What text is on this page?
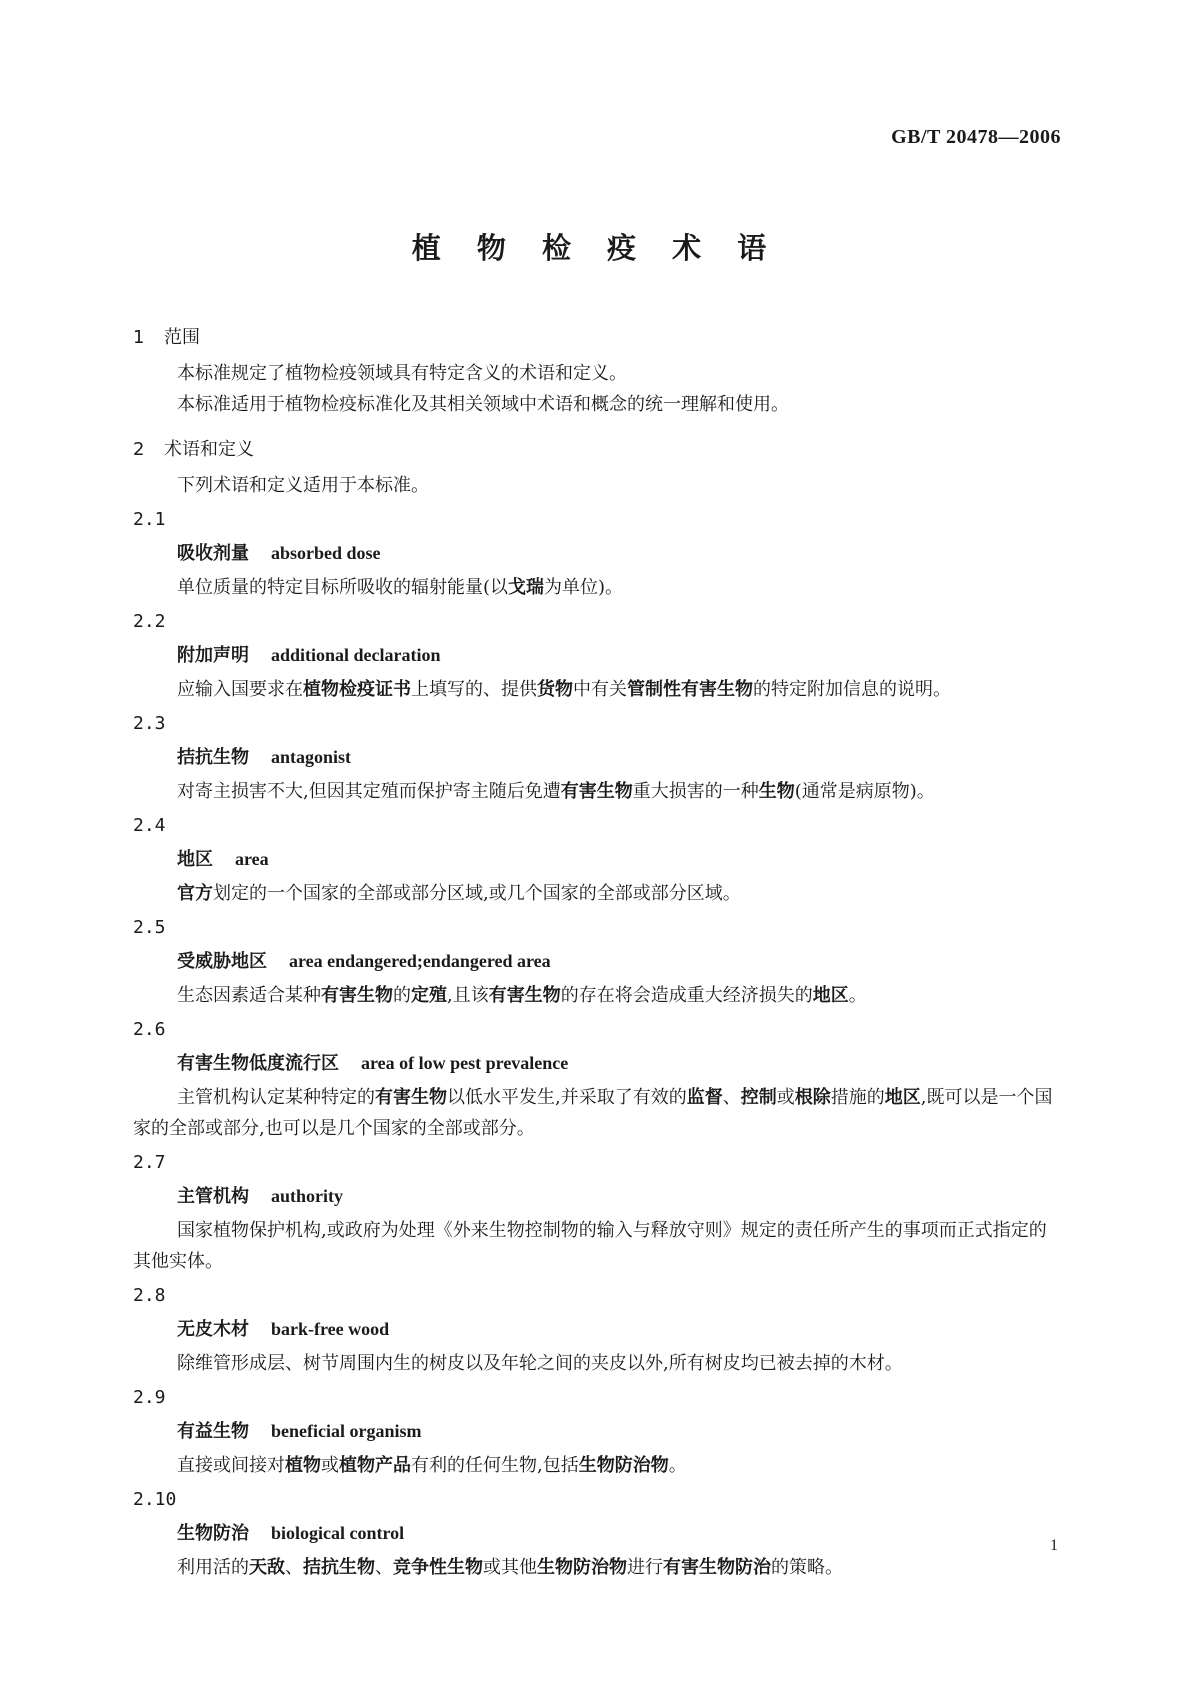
GB/T 20478—2006
植 物 检 疫 术 语
1 范围

本标准规定了植物检疫领域具有特定含义的术语和定义。

本标准适用于植物检疫标准化及其相关领域中术语和概念的统一理解和使用。

2 术语和定义

下列术语和定义适用于本标准。

2.1
吸收剂量 absorbed dose
单位质量的特定目标所吸收的辐射能量(以戈瑞为单位)。
2.2
附加声明 additional declaration
应输入国要求在植物检疫证书上填写的、提供货物中有关管制性有害生物的特定附加信息的说明。
2.3
拮抗生物 antagonist
对寄主损害不大,但因其定殖而保护寄主随后免遭有害生物重大损害的一种生物(通常是病原物)。
2.4
地区 area
官方划定的一个国家的全部或部分区域,或几个国家的全部或部分区域。
2.5
受威胁地区 area endangered;endangered area
生态因素适合某种有害生物的定殖,且该有害生物的存在将会造成重大经济损失的地区。
2.6
有害生物低度流行区 area of low pest prevalence
主管机构认定某种特定的有害生物以低水平发生,并采取了有效的监督、控制或根除措施的地区,既可以是一个国家的全部或部分,也可以是几个国家的全部或部分。
2.7
主管机构 authority
国家植物保护机构,或政府为处理《外来生物控制物的输入与释放守则》规定的责任所产生的事项而正式指定的其他实体。
2.8
无皮木材 bark-free wood
除维管形成层、树节周围内生的树皮以及年轮之间的夹皮以外,所有树皮均已被去掉的木材。
2.9
有益生物 beneficial organism
直接或间接对植物或植物产品有利的任何生物,包括生物防治物。
2.10
生物防治 biological control
利用活的天敌、拮抗生物、竞争性生物或其他生物防治物进行有害生物防治的策略。
1
